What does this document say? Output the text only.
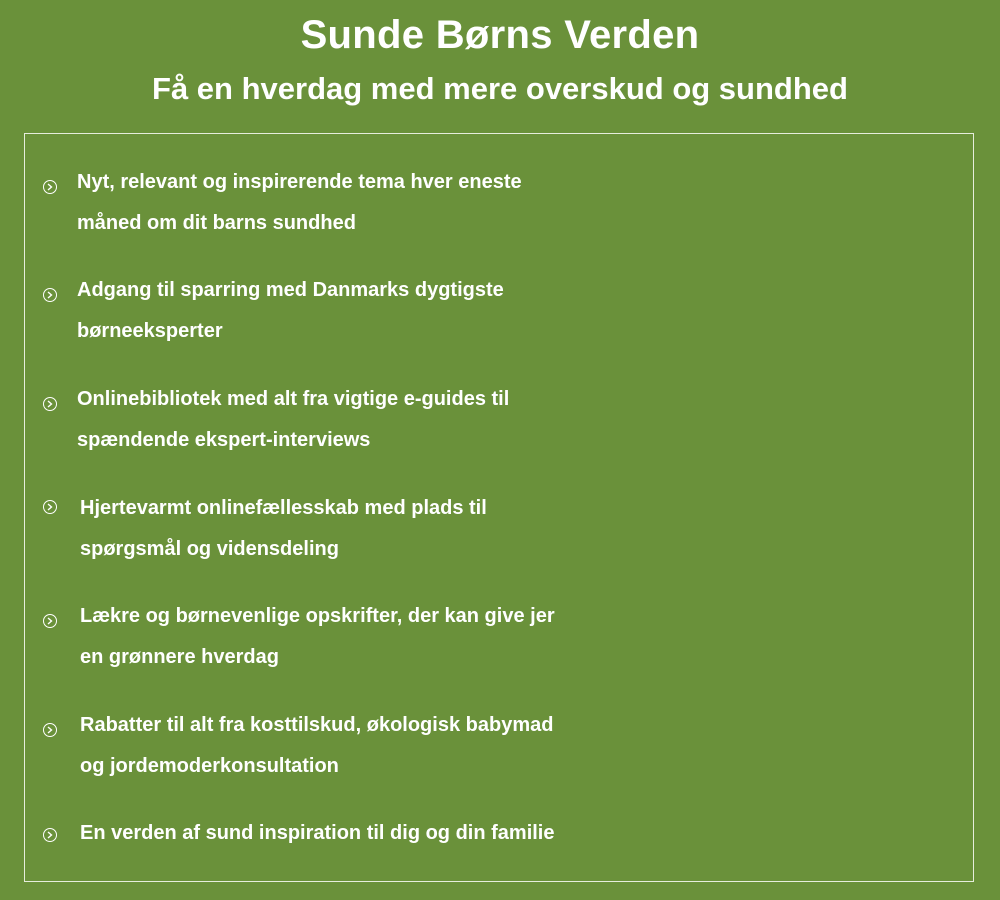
Sunde Børns Verden
Få en hverdag med mere overskud og sundhed
Nyt, relevant og inspirerende tema hver eneste
måned om dit barns sundhed
Adgang til sparring med Danmarks dygtigste
børneeksperter
Onlinebibliotek med alt fra vigtige e-guides til
spændende ekspert-interviews
Hjertevarmt onlinefællesskab med plads til
spørgsmål og vidensdeling
Lækre og børnevenlige opskrifter, der kan give jer
en grønnere hverdag
Rabatter til alt fra kosttilskud, økologisk babymad
og jordemoderkonsultation
En verden af sund inspiration til dig og din familie
